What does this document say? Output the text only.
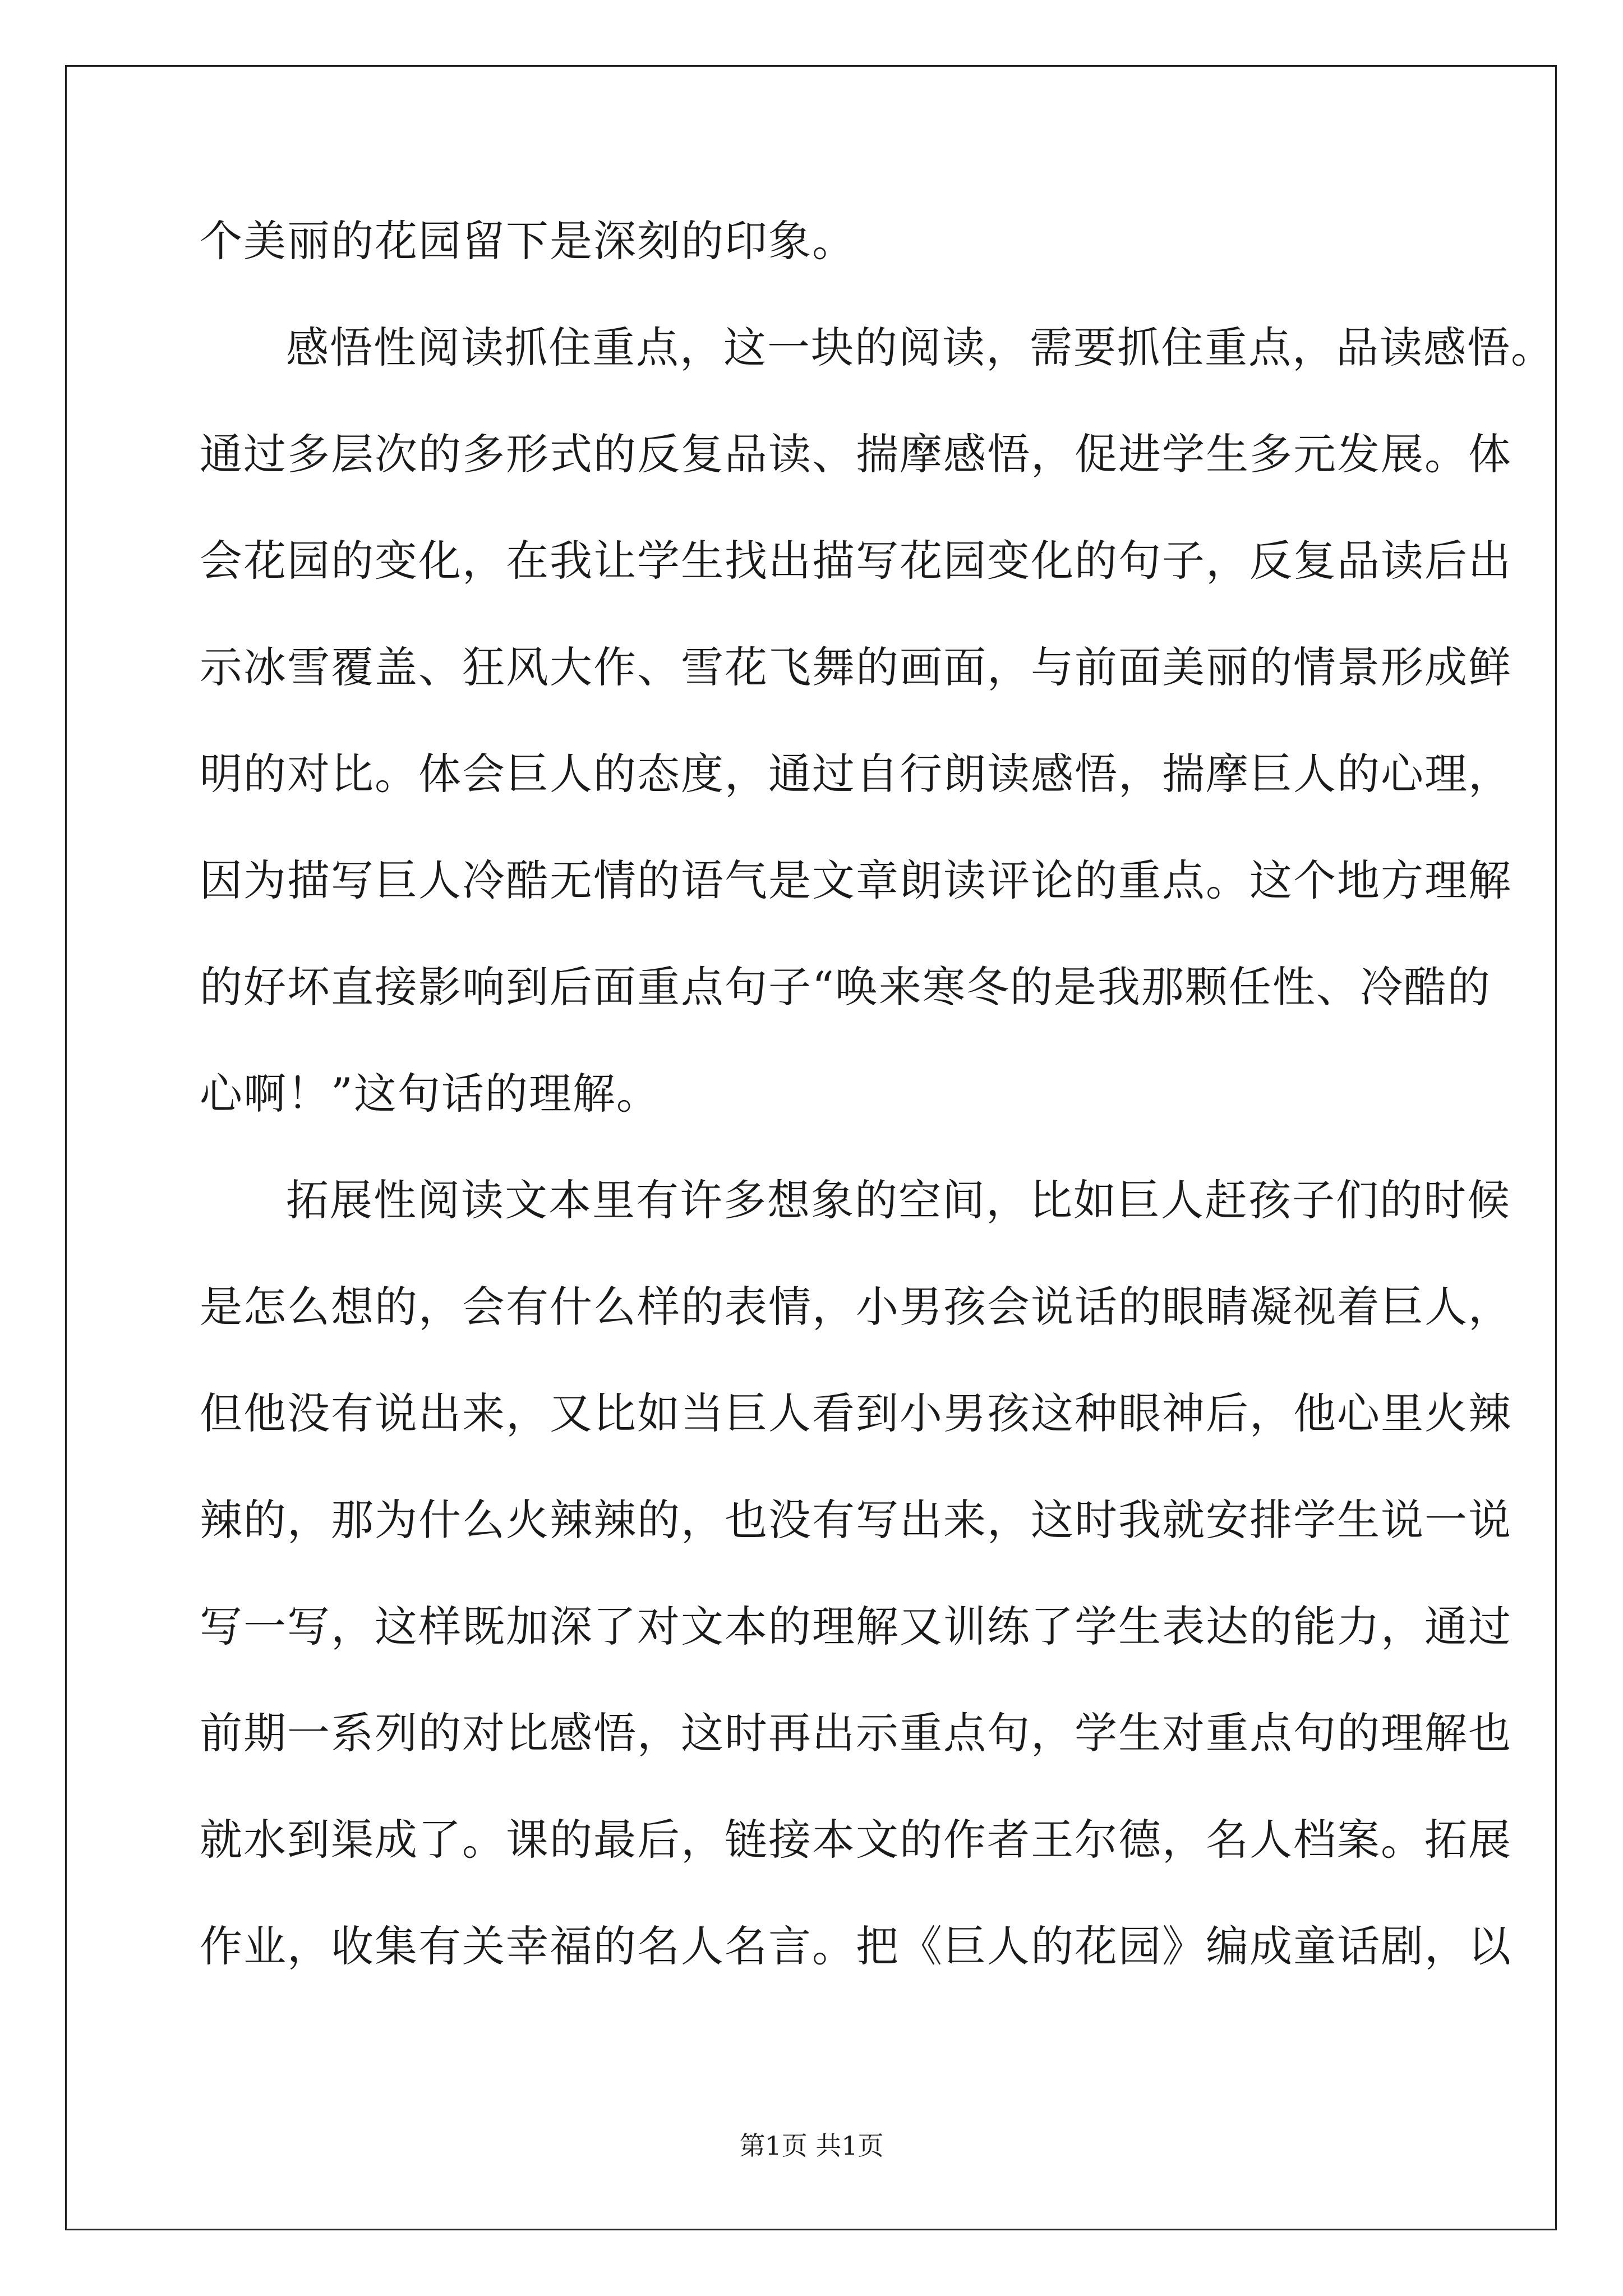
个美丽的花园留下是深刻的印象。
感悟性阅读抓住重点，这一块的阅读，需要抓住重点，品读感悟。
通过多层次的多形式的反复品读、揣摩感悟，促进学生多元发展。体
会花园的变化，在我让学生找出描写花园变化的句子，反复品读后出
示冰雪覆盖、狂风大作、雪花飞舞的画面，与前面美丽的情景形成鲜
明的对比。体会巨人的态度，通过自行朗读感悟，揣摩巨人的心理，
因为描写巨人冷酷无情的语气是文章朗读评论的重点。这个地方理解
的好坏直接影响到后面重点句子“唤来寒冬的是我那颗任性、冷酷的
心啊！”这句话的理解。
拓展性阅读文本里有许多想象的空间，比如巨人赶孩子们的时候
是怎么想的，会有什么样的表情，小男孩会说话的眼睛凝视着巨人，
但他没有说出来，又比如当巨人看到小男孩这种眼神后，他心里火辣
辣的，那为什么火辣辣的，也没有写出来，这时我就安排学生说一说
写一写，这样既加深了对文本的理解又训练了学生表达的能力，通过
前期一系列的对比感悟，这时再出示重点句，学生对重点句的理解也
就水到渠成了。课的最后，链接本文的作者王尔德，名人档案。拓展
作业，收集有关幸福的名人名言。把《巨人的花园》编成童话剧，以
第1页 共1页
